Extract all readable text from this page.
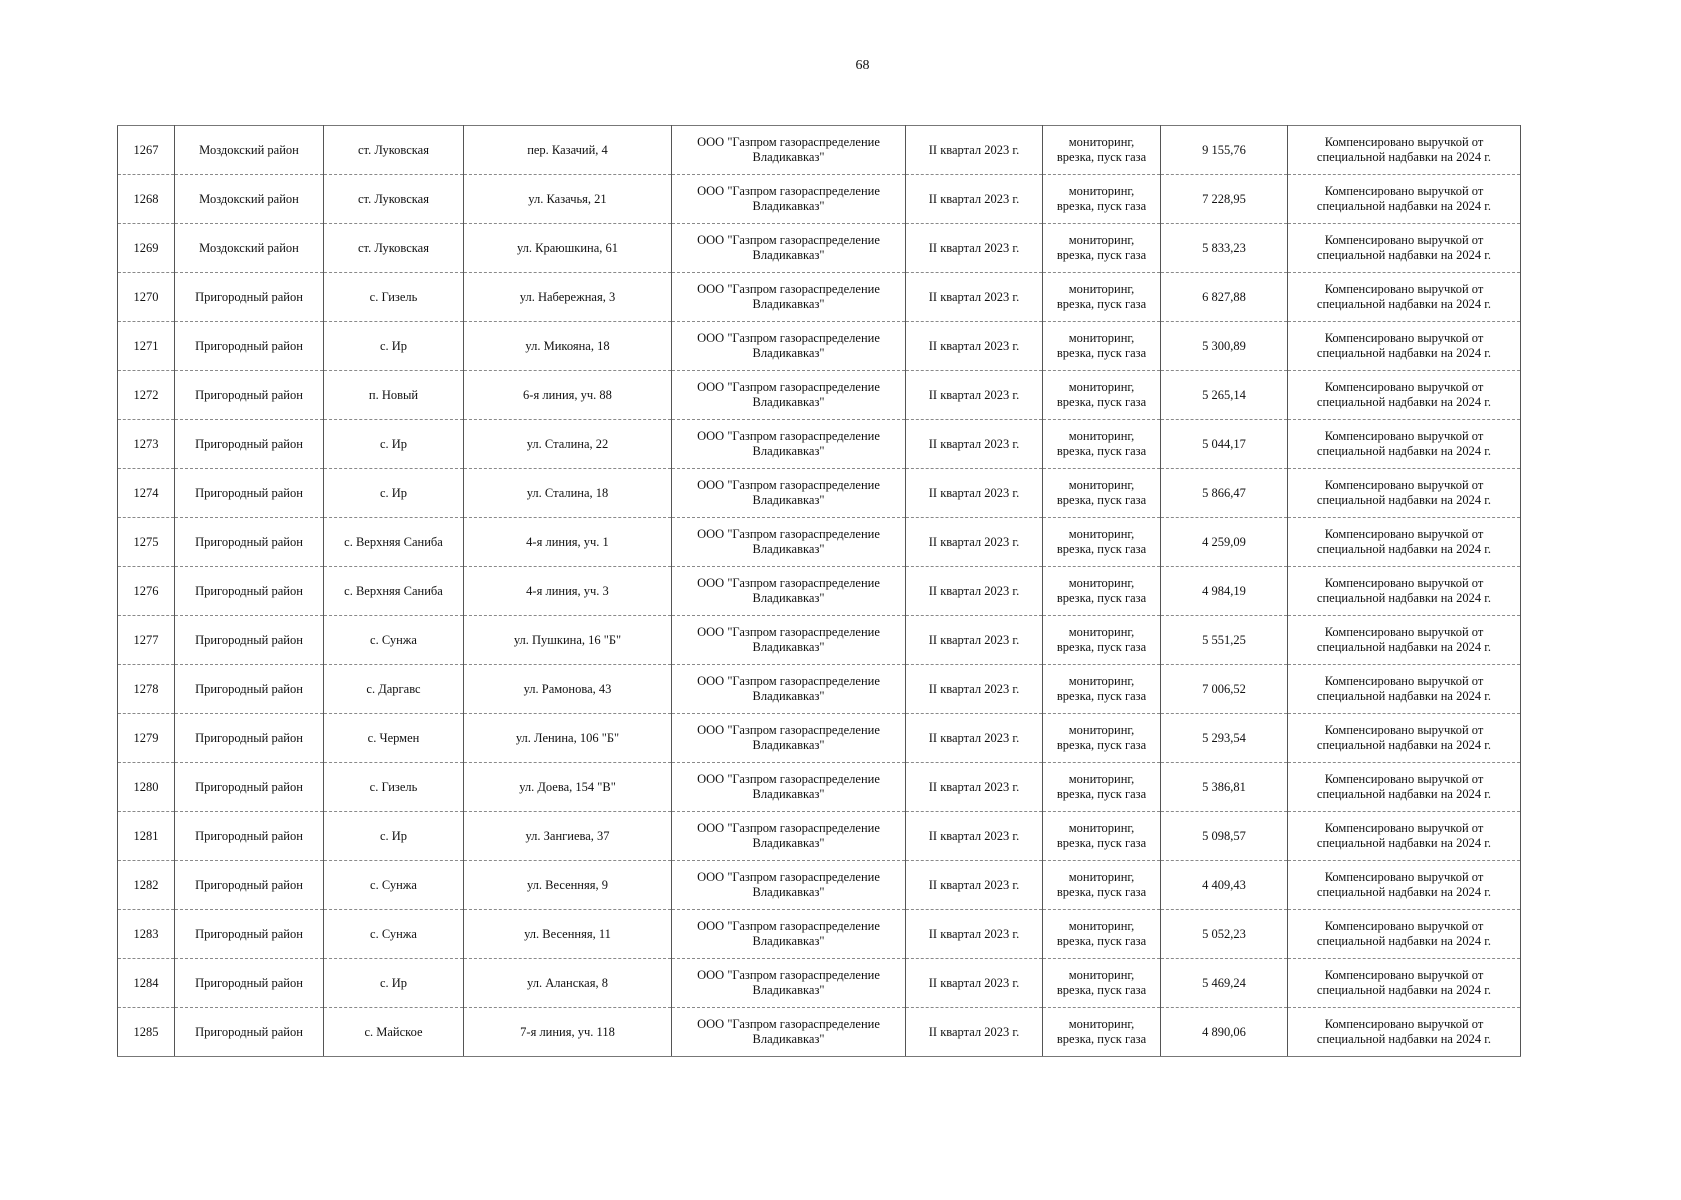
68
1267	Моздокский район	ст. Луковская	пер. Казачий, 4	ООО "Газпром газораспределение
Владикавказ"	II квартал 2023 г.	мониторинг,
врезка, пуск газа	9 155,76	Компенсировано выручкой от
специальной надбавки на 2024 г.
1268	Моздокский район	ст. Луковская	ул. Казачья, 21	ООО "Газпром газораспределение
Владикавказ"	II квартал 2023 г.	мониторинг,
врезка, пуск газа	7 228,95	Компенсировано выручкой от
специальной надбавки на 2024 г.
1269	Моздокский район	ст. Луковская	ул. Краюшкина, 61	ООО "Газпром газораспределение
Владикавказ"	II квартал 2023 г.	мониторинг,
врезка, пуск газа	5 833,23	Компенсировано выручкой от
специальной надбавки на 2024 г.
1270	Пригородный район	с. Гизель	ул. Набережная, 3	ООО "Газпром газораспределение
Владикавказ"	II квартал 2023 г.	мониторинг,
врезка, пуск газа	6 827,88	Компенсировано выручкой от
специальной надбавки на 2024 г.
1271	Пригородный район	с. Ир	ул. Микояна, 18	ООО "Газпром газораспределение
Владикавказ"	II квартал 2023 г.	мониторинг,
врезка, пуск газа	5 300,89	Компенсировано выручкой от
специальной надбавки на 2024 г.
1272	Пригородный район	п. Новый	6-я линия, уч. 88	ООО "Газпром газораспределение
Владикавказ"	II квартал 2023 г.	мониторинг,
врезка, пуск газа	5 265,14	Компенсировано выручкой от
специальной надбавки на 2024 г.
1273	Пригородный район	с. Ир	ул. Сталина, 22	ООО "Газпром газораспределение
Владикавказ"	II квартал 2023 г.	мониторинг,
врезка, пуск газа	5 044,17	Компенсировано выручкой от
специальной надбавки на 2024 г.
1274	Пригородный район	с. Ир	ул. Сталина, 18	ООО "Газпром газораспределение
Владикавказ"	II квартал 2023 г.	мониторинг,
врезка, пуск газа	5 866,47	Компенсировано выручкой от
специальной надбавки на 2024 г.
1275	Пригородный район	с. Верхняя Саниба	4-я линия, уч. 1	ООО "Газпром газораспределение
Владикавказ"	II квартал 2023 г.	мониторинг,
врезка, пуск газа	4 259,09	Компенсировано выручкой от
специальной надбавки на 2024 г.
1276	Пригородный район	с. Верхняя Саниба	4-я линия, уч. 3	ООО "Газпром газораспределение
Владикавказ"	II квартал 2023 г.	мониторинг,
врезка, пуск газа	4 984,19	Компенсировано выручкой от
специальной надбавки на 2024 г.
1277	Пригородный район	с. Сунжа	ул. Пушкина, 16 "Б"	ООО "Газпром газораспределение
Владикавказ"	II квартал 2023 г.	мониторинг,
врезка, пуск газа	5 551,25	Компенсировано выручкой от
специальной надбавки на 2024 г.
1278	Пригородный район	с. Даргавс	ул. Рамонова, 43	ООО "Газпром газораспределение
Владикавказ"	II квартал 2023 г.	мониторинг,
врезка, пуск газа	7 006,52	Компенсировано выручкой от
специальной надбавки на 2024 г.
1279	Пригородный район	с. Чермен	ул. Ленина, 106 "Б"	ООО "Газпром газораспределение
Владикавказ"	II квартал 2023 г.	мониторинг,
врезка, пуск газа	5 293,54	Компенсировано выручкой от
специальной надбавки на 2024 г.
1280	Пригородный район	с. Гизель	ул. Доева, 154 "В"	ООО "Газпром газораспределение
Владикавказ"	II квартал 2023 г.	мониторинг,
врезка, пуск газа	5 386,81	Компенсировано выручкой от
специальной надбавки на 2024 г.
1281	Пригородный район	с. Ир	ул. Зангиева, 37	ООО "Газпром газораспределение
Владикавказ"	II квартал 2023 г.	мониторинг,
врезка, пуск газа	5 098,57	Компенсировано выручкой от
специальной надбавки на 2024 г.
1282	Пригородный район	с. Сунжа	ул. Весенняя, 9	ООО "Газпром газораспределение
Владикавказ"	II квартал 2023 г.	мониторинг,
врезка, пуск газа	4 409,43	Компенсировано выручкой от
специальной надбавки на 2024 г.
1283	Пригородный район	с. Сунжа	ул. Весенняя, 11	ООО "Газпром газораспределение
Владикавказ"	II квартал 2023 г.	мониторинг,
врезка, пуск газа	5 052,23	Компенсировано выручкой от
специальной надбавки на 2024 г.
1284	Пригородный район	с. Ир	ул. Аланская, 8	ООО "Газпром газораспределение
Владикавказ"	II квартал 2023 г.	мониторинг,
врезка, пуск газа	5 469,24	Компенсировано выручкой от
специальной надбавки на 2024 г.
1285	Пригородный район	с. Майское	7-я линия, уч. 118	ООО "Газпром газораспределение
Владикавказ"	II квартал 2023 г.	мониторинг,
врезка, пуск газа	4 890,06	Компенсировано выручкой от
специальной надбавки на 2024 г.
